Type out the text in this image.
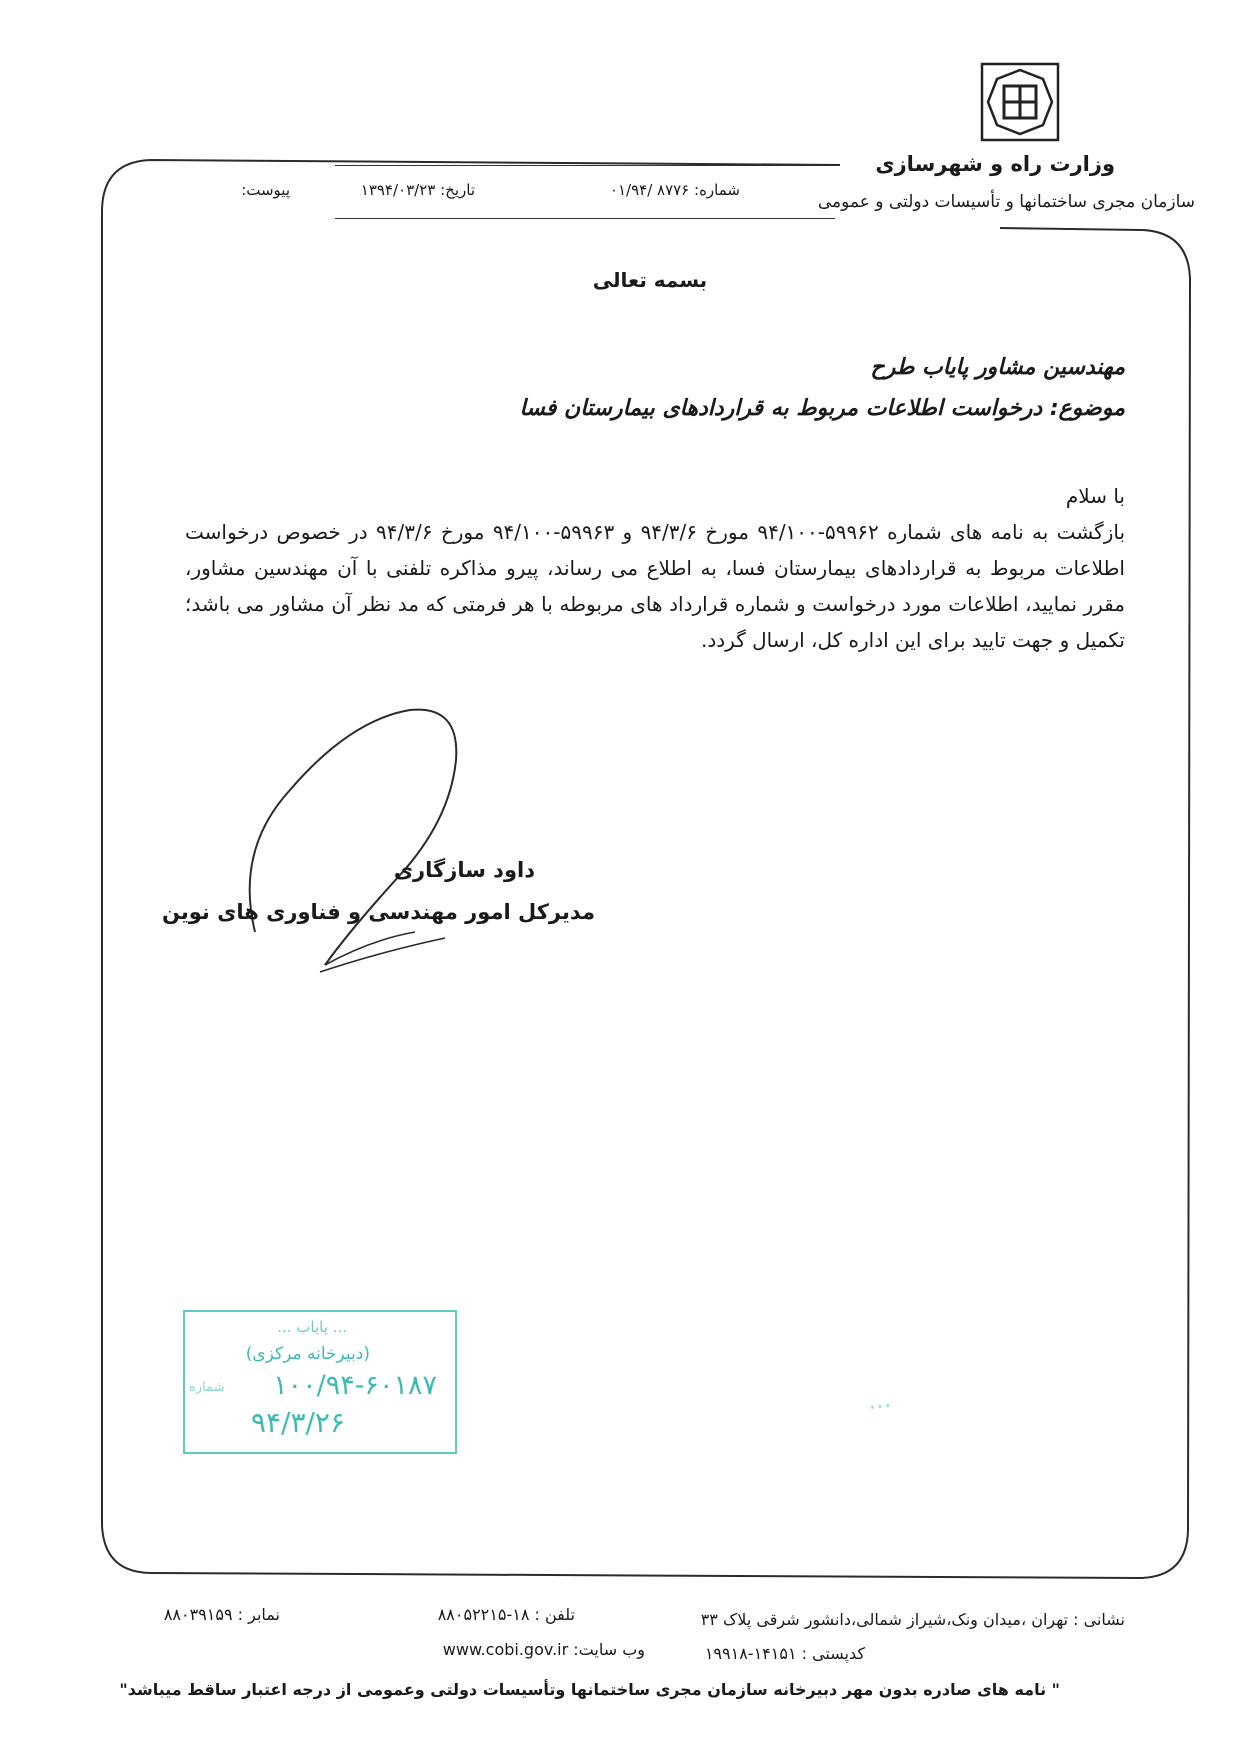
وزارت راه و شهرسازی
سازمان مجری ساختمانها و تأسیسات دولتی و عمومی
شماره: ۸۷۷۶ /۰۱/۹۴
تاریخ: ۱۳۹۴/۰۳/۲۳
پیوست:
بسمه تعالی
مهندسین مشاور پایاب طرح
موضوع: درخواست اطلاعات مربوط به قراردادهای بیمارستان فسا

با سلام

بازگشت به نامه های شماره ۵۹۹۶۲-۹۴/۱۰۰ مورخ ۹۴/۳/۶ و ۵۹۹۶۳-۹۴/۱۰۰ مورخ ۹۴/۳/۶ در خصوص درخواست اطلاعات مربوط به قراردادهای بیمارستان فسا، به اطلاع می رساند، پیرو مذاکره تلفنی با آن مهندسین مشاور، مقرر نمایید، اطلاعات مورد درخواست و شماره قرارداد های مربوطه با هر فرمتی که مد نظر آن مشاور می باشد؛ تکمیل و جهت تایید برای این اداره کل، ارسال گردد.

داود سازگاری
مدیرکل امور مهندسی و فناوری های نوین
... پایاب ...
(دبیرخانه مرکزی)
۱۰۰/۹۴-۶۰۱۸۷
شماره
۹۴/۳/۲۶
...
نشانی : تهران ،میدان ونک،شیراز شمالی،دانشور شرقی پلاک ۳۳
تلفن : ۱۸-۸۸۰۵۲۲۱۵
نمابر : ۸۸۰۳۹۱۵۹
کدپستی : ۱۴۱۵۱-۱۹۹۱۸
وب سایت: www.cobi.gov.ir
" نامه های صادره بدون مهر دبیرخانه سازمان مجری ساختمانها وتأسیسات دولتی وعمومی از درجه اعتبار ساقط میباشد"
